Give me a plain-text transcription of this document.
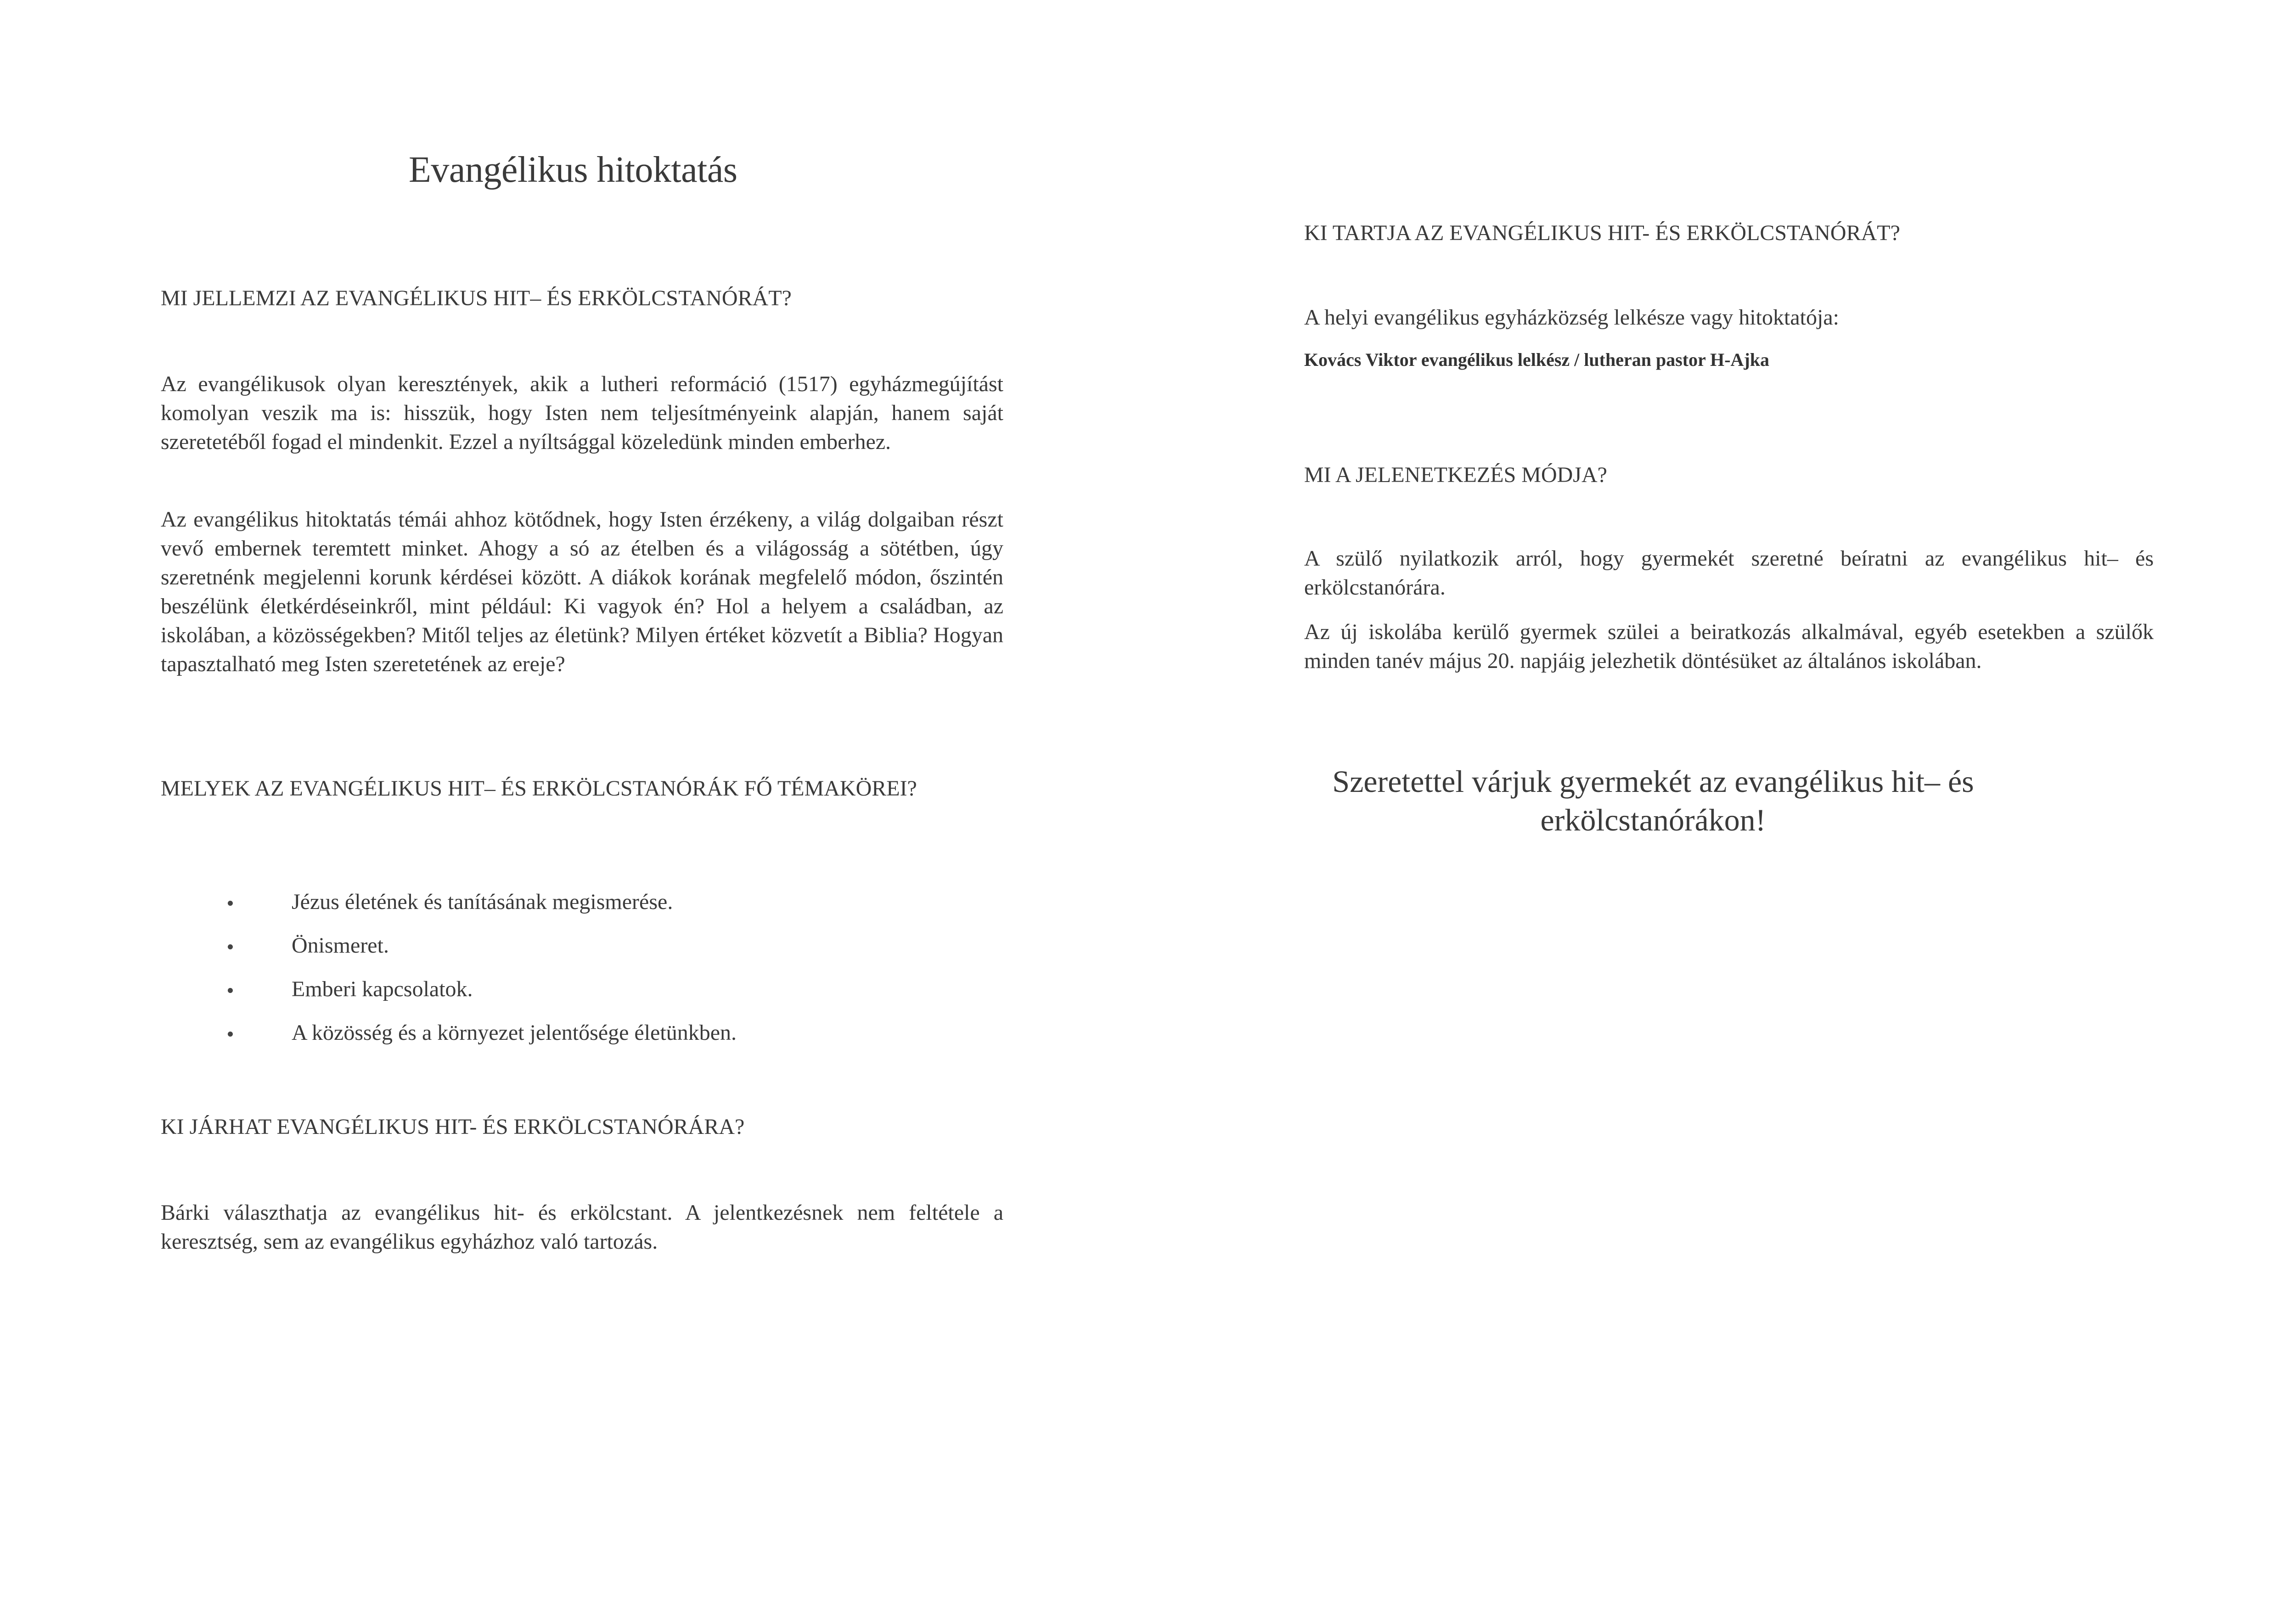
Evangélikus hitoktatás
MI JELLEMZI AZ EVANGÉLIKUS HIT– ÉS ERKÖLCSTANÓRÁT?

Az evangélikusok olyan keresztények, akik a lutheri reformáció (1517) egyházmegújítást komolyan veszik ma is: hisszük, hogy Isten nem teljesítményeink alapján, hanem saját szeretetéből fogad el mindenkit. Ezzel a nyíltsággal közeledünk minden emberhez.

Az evangélikus hitoktatás témái ahhoz kötődnek, hogy Isten érzékeny, a világ dolgaiban részt vevő embernek teremtett minket. Ahogy a só az ételben és a világosság a sötétben, úgy szeretnénk megjelenni korunk kérdései között. A diákok korának megfelelő módon, őszintén beszélünk életkérdéseinkről, mint például: Ki vagyok én? Hol a helyem a családban, az iskolában, a közösségekben? Mitől teljes az életünk? Milyen értéket közvetít a Biblia? Hogyan tapasztalható meg Isten szeretetének az ereje?

MELYEK AZ EVANGÉLIKUS HIT– ÉS ERKÖLCSTANÓRÁK FŐ TÉMAKÖREI?
Jézus életének és tanításának megismerése.
Önismeret.
Emberi kapcsolatok.
A közösség és a környezet jelentősége életünkben.
KI JÁRHAT EVANGÉLIKUS HIT- ÉS ERKÖLCSTANÓRÁRA?

Bárki választhatja az evangélikus hit- és erkölcstant. A jelentkezésnek nem feltétele a keresztség, sem az evangélikus egyházhoz való tartozás.

KI TARTJA AZ EVANGÉLIKUS HIT- ÉS ERKÖLCSTANÓRÁT?

A helyi evangélikus egyházközség lelkésze vagy hitoktatója:

Kovács Viktor evangélikus lelkész / lutheran pastor H-Ajka
MI A JELENETKEZÉS MÓDJA?

A szülő nyilatkozik arról, hogy gyermekét szeretné beíratni az evangélikus hit– és erkölcstanórára.

Az új iskolába kerülő gyermek szülei a beiratkozás alkalmával, egyéb esetekben a szülők minden tanév május 20. napjáig jelezhetik döntésüket az általános iskolában.

Szeretettel várjuk gyermekét az evangélikus hit– és erkölcstanórákon!
